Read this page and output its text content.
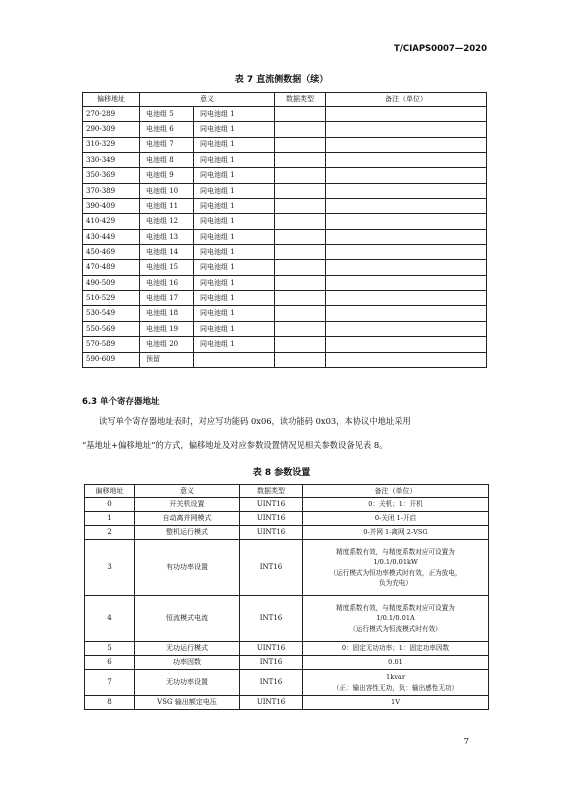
T/CIAPS0007—2020
表 7 直流侧数据（续）
偏移地址	意义		数据类型	备注（单位）
270-289	电池组 5	同电池组 1		
290-309	电池组 6	同电池组 1		
310-329	电池组 7	同电池组 1		
330-349	电池组 8	同电池组 1		
350-369	电池组 9	同电池组 1		
370-389	电池组 10	同电池组 1		
390-409	电池组 11	同电池组 1		
410-429	电池组 12	同电池组 1		
430-449	电池组 13	同电池组 1		
450-469	电池组 14	同电池组 1		
470-489	电池组 15	同电池组 1		
490-509	电池组 16	同电池组 1		
510-529	电池组 17	同电池组 1		
530-549	电池组 18	同电池组 1		
550-569	电池组 19	同电池组 1		
570-589	电池组 20	同电池组 1		
590-609	预留			
6.3 单个寄存器地址
读写单个寄存器地址表时，对应写功能码 0x06，读功能码 0x03，本协议中地址采用
“基地址+偏移地址”的方式，偏移地址及对应参数设置情况见相关参数设备见表 8。
表 8 参数设置
偏移地址	意义	数据类型	备注（单位）
0	开关机设置	UINT16	0：关机；1：开机

1	自动离并网模式	UINT16	0-关闭 1-开启

2	整机运行模式	UINT16	0-并网 1-离网 2-VSG

3	有功功率设置	INT16	精度系数有效，与精度系数对应可设置为
1/0.1/0.01kW
（运行模式为恒功率模式时有效，正为放电，
负为充电）

4	恒流模式电流	INT16	精度系数有效，与精度系数对应可设置为
1/0.1/0.01A
（运行模式为恒流模式时有效）

5	无功运行模式	UINT16	0：固定无功功率；1：固定功率因数

6	功率因数	INT16	0.01

7	无功功率设置	INT16	1kvar
（正：输出容性无功，负：输出感性无功）

8	VSG 输出额定电压	UINT16	1V
7
